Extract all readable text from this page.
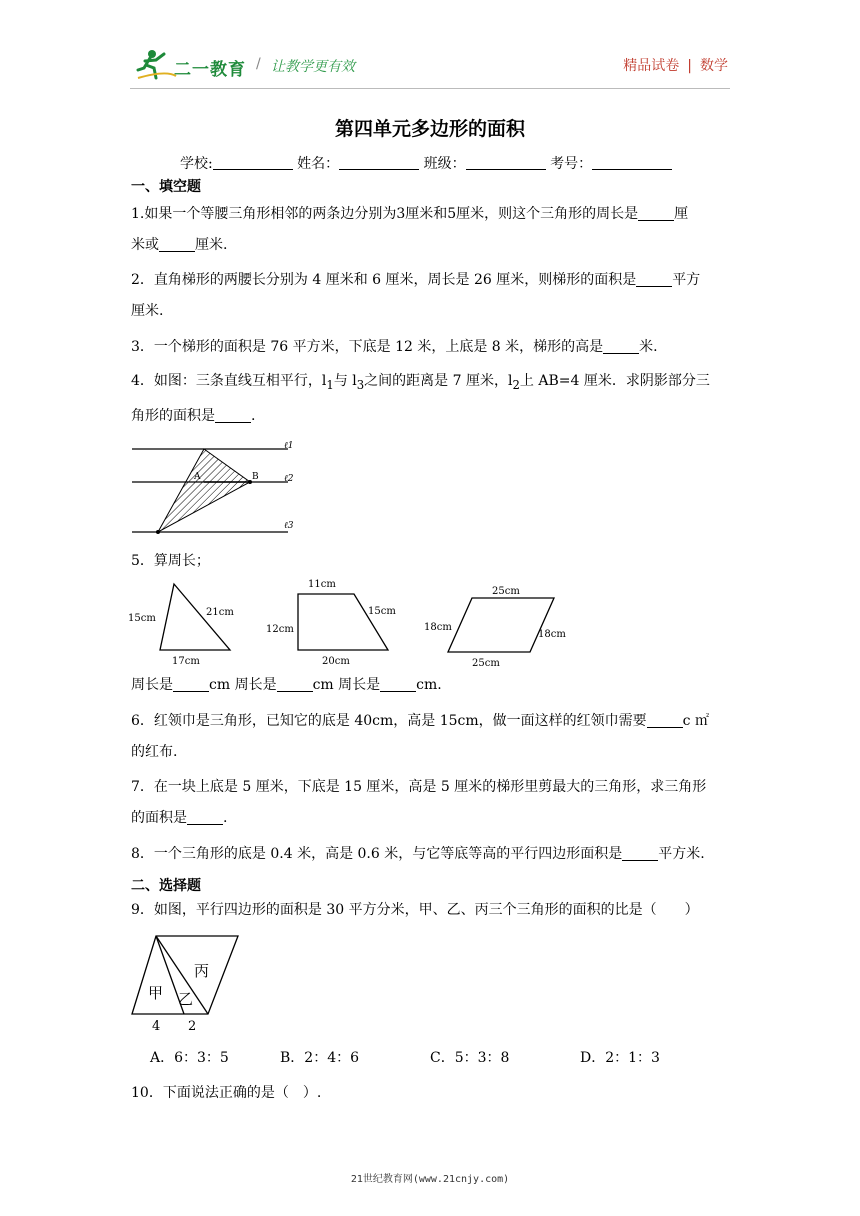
二一教育 / 让教学更有效	精品试卷 | 数学
第四单元多边形的面积
学校:	姓名：	班级：	考号：
一、填空题
1.如果一个等腰三角形相邻的两条边分别为3厘米和5厘米，则这个三角形的周长是	厘
米或	厘米.
2．直角梯形的两腰长分别为 4 厘米和 6 厘米，周长是 26 厘米，则梯形的面积是	平方
厘米.
3．一个梯形的面积是 76 平方米，下底是 12 米，上底是 8 米，梯形的高是	米.
4．如图：三条直线互相平行，$l_1$与 $l_3$之间的距离是 7 厘米，$l_2$上 AB=4 厘米．求阴影部分三
角形的面积是	.
A	B
ℓ1
ℓ2
ℓ3
5．算周长；
15cm
21cm
17cm
11cm
12cm
15cm
20cm
25cm
18cm
18cm
25cm
周长是	cm 周长是	cm 周长是	cm.
6．红领巾是三角形，已知它的底是 40cm，高是 15cm，做一面这样的红领巾需要	c ㎡
的红布.
7．在一块上底是 5 厘米，下底是 15 厘米，高是 5 厘米的梯形里剪最大的三角形，求三角形
的面积是	.
8．一个三角形的底是 0.4 米，高是 0.6 米，与它等底等高的平行四边形面积是	平方米.
二、选择题
9．如图，平行四边形的面积是 30 平方分米，甲、乙、丙三个三角形的面积的比是（　　）
甲 乙
丙
4 2
A．6：3：5	B．2：4：6	C．5：3：8	D．2：1：3
10．下面说法正确的是（　）.
21世纪教育网(www.21cnjy.com)
